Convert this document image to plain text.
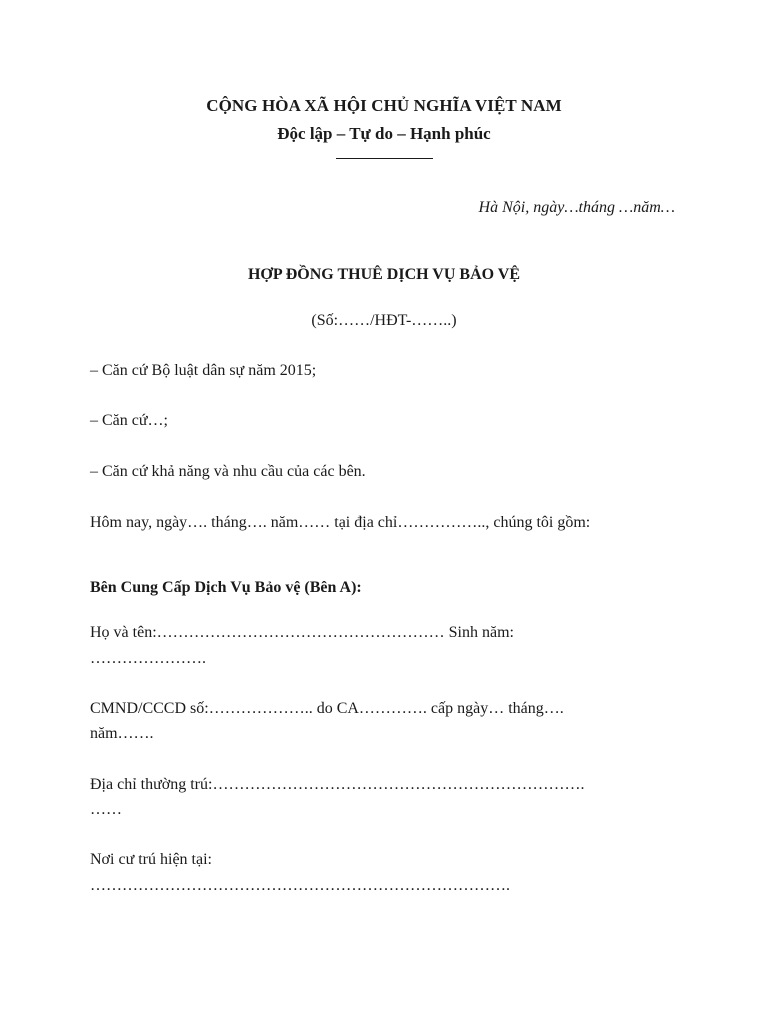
CỘNG HÒA XÃ HỘI CHỦ NGHĨA VIỆT NAM
Độc lập – Tự do – Hạnh phúc
Hà Nội, ngày…tháng …năm…
HỢP ĐỒNG THUÊ DỊCH VỤ BẢO VỆ
(Số:……/HĐT-……..)
– Căn cứ Bộ luật dân sự năm 2015;
– Căn cứ…;
– Căn cứ khả năng và nhu cầu của các bên.
Hôm nay, ngày…. tháng…. năm…… tại địa chỉ…………….., chúng tôi gồm:
Bên Cung Cấp Dịch Vụ Bảo vệ (Bên A):
Họ và tên:……………………………………………… Sinh năm:
………………….
CMND/CCCD số:……………….. do CA…………. cấp ngày… tháng….
năm…….
Địa chỉ thường trú:…………………………………………………………….
……
Nơi cư trú hiện tại:
…………………………………………………………………….
